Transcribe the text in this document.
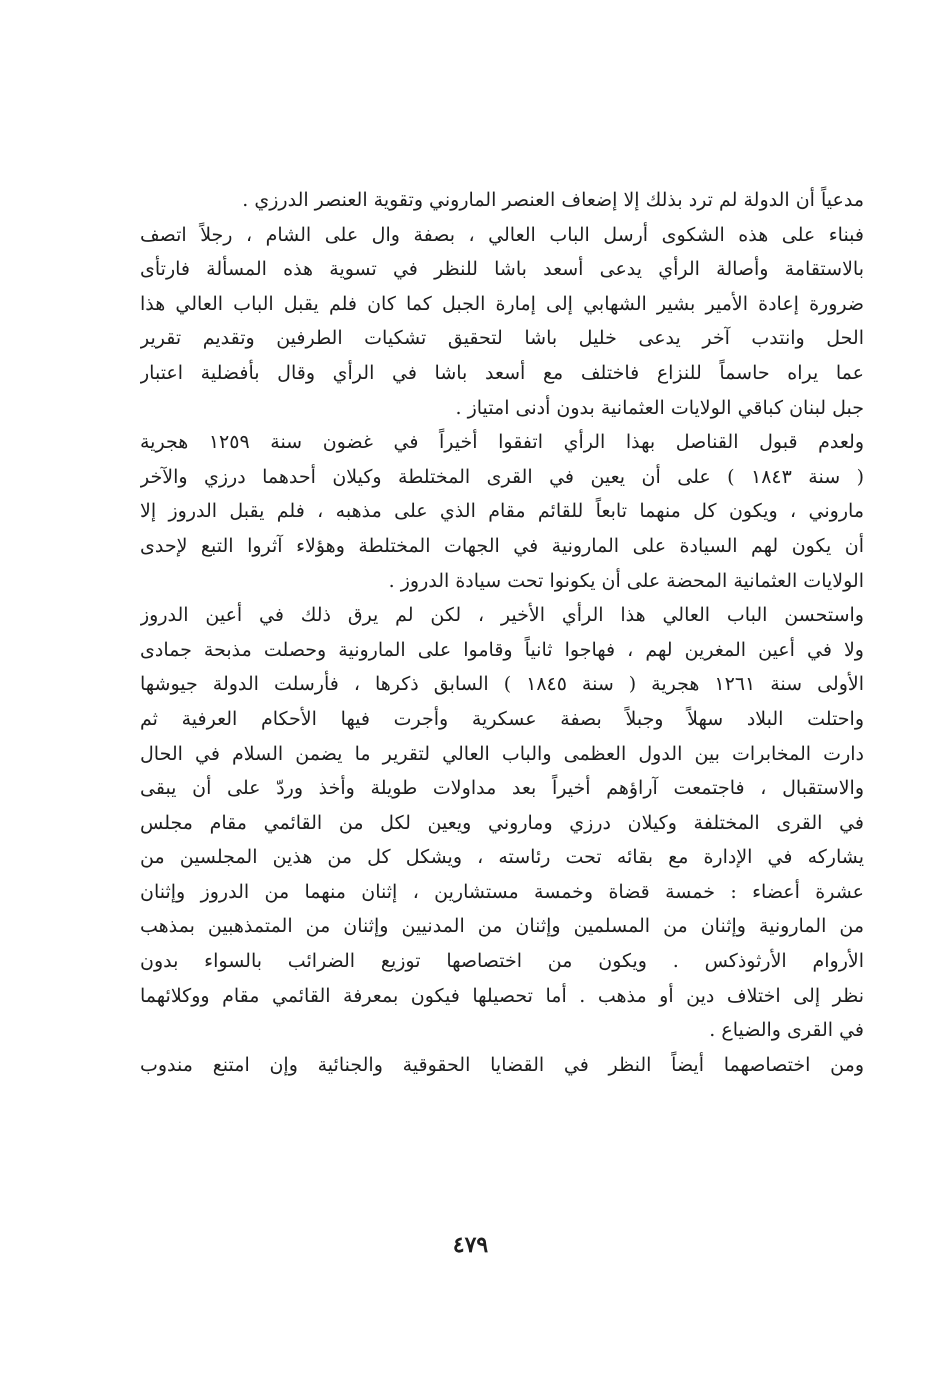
مدعياً أن الدولة لم ترد بذلك إلا إضعاف العنصر الماروني وتقوية العنصر الدرزي .
فبناء على هذه الشكوى أرسل الباب العالي ، بصفة وال على الشام ، رجلاً اتصف
بالاستقامة وأصالة الرأي يدعى أسعد باشا للنظر في تسوية هذه المسألة فارتأى
ضرورة إعادة الأمير بشير الشهابي إلى إمارة الجبل كما كان فلم يقبل الباب العالي هذا
الحل وانتدب آخر يدعى خليل باشا لتحقيق تشكيات الطرفين وتقديم تقرير
عما يراه حاسماً للنزاع فاختلف مع أسعد باشا في الرأي وقال بأفضلية اعتبار
جبل لبنان كباقي الولايات العثمانية بدون أدنى امتياز .
ولعدم قبول القناصل بهذا الرأي اتفقوا أخيراً في غضون سنة ١٢٥٩ هجرية
( سنة ١٨٤٣ ) على أن يعين في القرى المختلطة وكيلان أحدهما درزي والآخر
ماروني ، ويكون كل منهما تابعاً للقائم مقام الذي على مذهبه ، فلم يقبل الدروز إلا
أن يكون لهم السيادة على المارونية في الجهات المختلطة وهؤلاء آثروا التبع لإحدى
الولايات العثمانية المحضة على أن يكونوا تحت سيادة الدروز .
واستحسن الباب العالي هذا الرأي الأخير ، لكن لم يرق ذلك في أعين الدروز
ولا في أعين المغرين لهم ، فهاجوا ثانياً وقاموا على المارونية وحصلت مذبحة جمادى
الأولى سنة ١٢٦١ هجرية ( سنة ١٨٤٥ ) السابق ذكرها ، فأرسلت الدولة جيوشها
واحتلت البلاد سهلاً وجبلاً بصفة عسكرية وأجرت فيها الأحكام العرفية ثم
دارت المخابرات بين الدول العظمى والباب العالي لتقرير ما يضمن السلام في الحال
والاستقبال ، فاجتمعت آراؤهم أخيراً بعد مداولات طويلة وأخذ وردّ على أن يبقى
في القرى المختلفة وكيلان درزي وماروني ويعين لكل من القائمي مقام مجلس
يشاركه في الإدارة مع بقائه تحت رئاسته ، ويشكل كل من هذين المجلسين من
عشرة أعضاء : خمسة قضاة وخمسة مستشارين ، إثنان منهما من الدروز وإثنان
من المارونية وإثنان من المسلمين وإثنان من المدنيين وإثنان من المتمذهبين بمذهب
الأروام الأرثوذكس . ويكون من اختصاصها توزيع الضرائب بالسواء بدون
نظر إلى اختلاف دين أو مذهب . أما تحصيلها فيكون بمعرفة القائمي مقام ووكلائهما
في القرى والضياع .
ومن اختصاصهما أيضاً النظر في القضايا الحقوقية والجنائية وإن امتنع مندوب
٤٧٩
